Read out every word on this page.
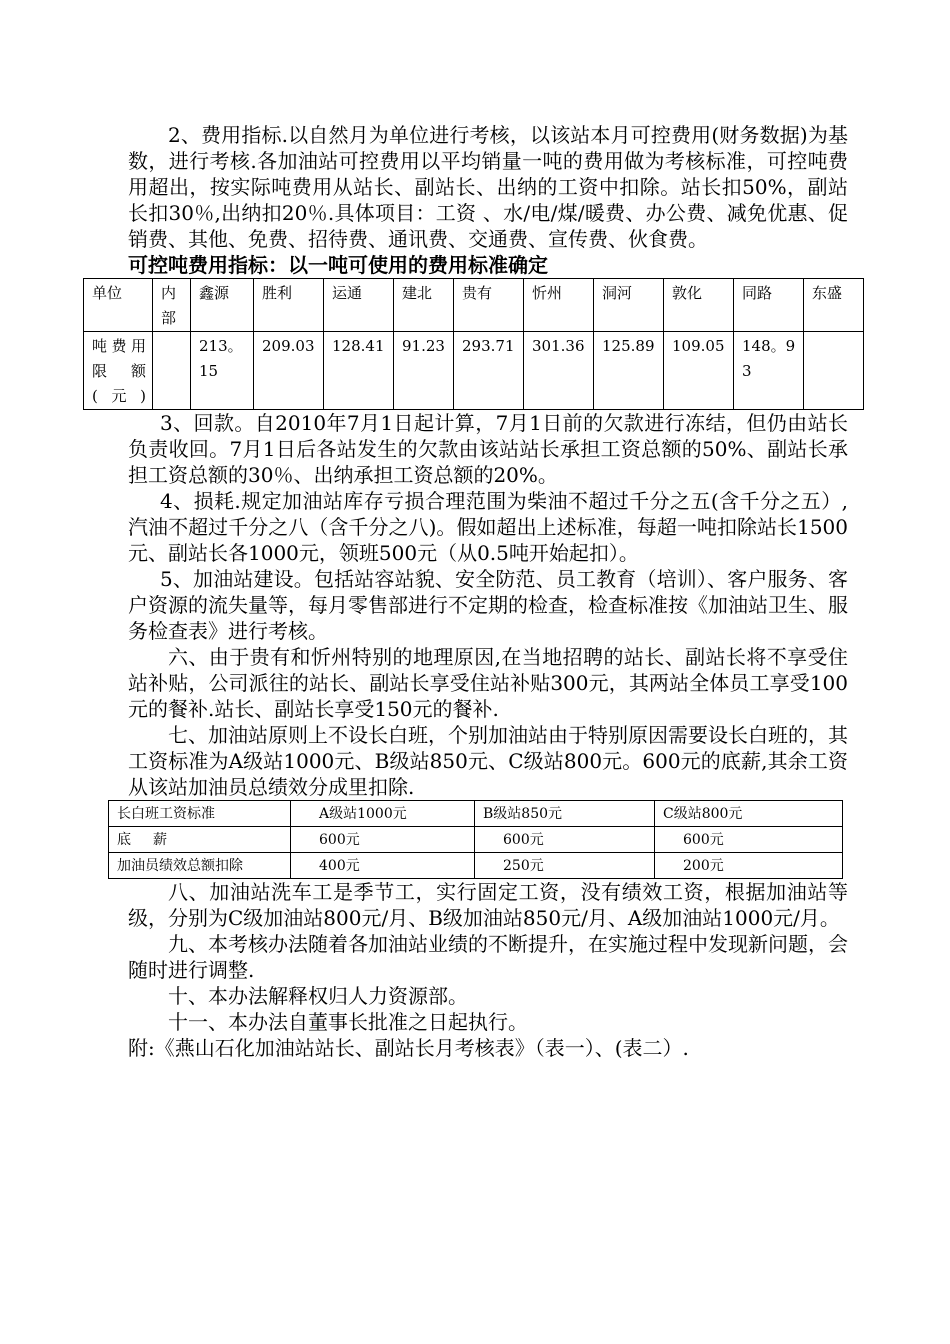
2、费用指标.以自然月为单位进行考核，以该站本月可控费用(财务数据)为基数，进行考核.各加油站可控费用以平均销量一吨的费用做为考核标准，可控吨费用超出，按实际吨费用从站长、副站长、出纳的工资中扣除。站长扣50%，副站长扣30％,出纳扣20％.具体项目：工资 、水/电/煤/暖费、办公费、减免优惠、促销费、其他、免费、招待费、通讯费、交通费、宣传费、伙食费。

可控吨费用指标：以一吨可使用的费用标准确定
单位	内部	鑫源	胜利	运通	建北	贵有	忻州	洞河	敦化	同路	东盛
吨费用限 额(元)		213。15	209.03	128.41	91.23	293.71	301.36	125.89	109.05	148。93	

3、回款。自2010年7月1日起计算，7月1日前的欠款进行冻结，但仍由站长负责收回。7月1日后各站发生的欠款由该站站长承担工资总额的50%、副站长承担工资总额的30％、出纳承担工资总额的20%。

4、损耗.规定加油站库存亏损合理范围为柴油不超过千分之五(含千分之五）,汽油不超过千分之八（含千分之八)。假如超出上述标准，每超一吨扣除站长1500元、副站长各1000元，领班500元（从0.5吨开始起扣）。

5、加油站建设。包括站容站貌、安全防范、员工教育（培训）、客户服务、客户资源的流失量等，每月零售部进行不定期的检查，检查标准按《加油站卫生、服务检查表》进行考核。

六、由于贵有和忻州特别的地理原因,在当地招聘的站长、副站长将不享受住站补贴，公司派往的站长、副站长享受住站补贴300元，其两站全体员工享受100元的餐补.站长、副站长享受150元的餐补.

七、加油站原则上不设长白班，个别加油站由于特别原因需要设长白班的，其工资标准为A级站1000元、B级站850元、C级站800元。600元的底薪,其余工资从该站加油员总绩效分成里扣除.

长白班工资标准	A级站1000元	B级站850元	C级站800元
底薪	600元	600元	600元
加油员绩效总额扣除	400元	250元	200元

八、加油站洗车工是季节工，实行固定工资，没有绩效工资，根据加油站等级，分别为C级加油站800元/月、B级加油站850元/月、A级加油站1000元/月。

九、本考核办法随着各加油站业绩的不断提升，在实施过程中发现新问题，会随时进行调整.

十、本办法解释权归人力资源部。

十一、本办法自董事长批准之日起执行。

附:《燕山石化加油站站长、副站长月考核表》（表一）、(表二）.
